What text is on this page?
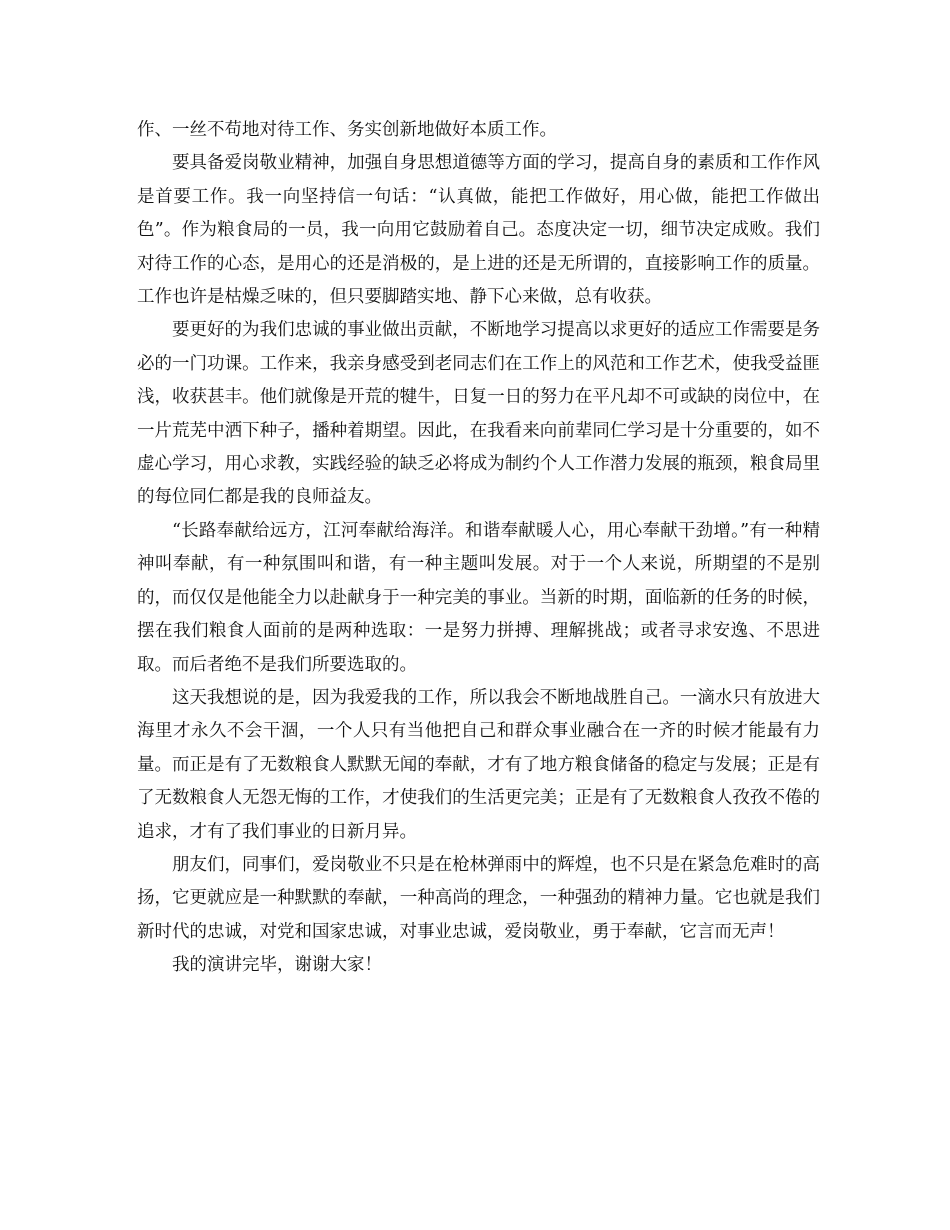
作、一丝不苟地对待工作、务实创新地做好本质工作。

要具备爱岗敬业精神，加强自身思想道德等方面的学习，提高自身的素质和工作作风是首要工作。我一向坚持信一句话：“认真做，能把工作做好，用心做，能把工作做出色”。作为粮食局的一员，我一向用它鼓励着自己。态度决定一切，细节决定成败。我们对待工作的心态，是用心的还是消极的，是上进的还是无所谓的，直接影响工作的质量。工作也许是枯燥乏味的，但只要脚踏实地、静下心来做，总有收获。

要更好的为我们忠诚的事业做出贡献，不断地学习提高以求更好的适应工作需要是务必的一门功课。工作来，我亲身感受到老同志们在工作上的风范和工作艺术，使我受益匪浅，收获甚丰。他们就像是开荒的犍牛，日复一日的努力在平凡却不可或缺的岗位中，在一片荒芜中洒下种子，播种着期望。因此，在我看来向前辈同仁学习是十分重要的，如不虚心学习，用心求教，实践经验的缺乏必将成为制约个人工作潜力发展的瓶颈，粮食局里的每位同仁都是我的良师益友。

“长路奉献给远方，江河奉献给海洋。和谐奉献暖人心，用心奉献干劲增。”有一种精神叫奉献，有一种氛围叫和谐，有一种主题叫发展。对于一个人来说，所期望的不是别的，而仅仅是他能全力以赴献身于一种完美的事业。当新的时期，面临新的任务的时候，摆在我们粮食人面前的是两种选取：一是努力拼搏、理解挑战；或者寻求安逸、不思进取。而后者绝不是我们所要选取的。

这天我想说的是，因为我爱我的工作，所以我会不断地战胜自己。一滴水只有放进大海里才永久不会干涸，一个人只有当他把自己和群众事业融合在一齐的时候才能最有力量。而正是有了无数粮食人默默无闻的奉献，才有了地方粮食储备的稳定与发展；正是有了无数粮食人无怨无悔的工作，才使我们的生活更完美；正是有了无数粮食人孜孜不倦的追求，才有了我们事业的日新月异。

朋友们，同事们，爱岗敬业不只是在枪林弹雨中的辉煌，也不只是在紧急危难时的高扬，它更就应是一种默默的奉献，一种高尚的理念，一种强劲的精神力量。它也就是我们新时代的忠诚，对党和国家忠诚，对事业忠诚，爱岗敬业，勇于奉献，它言而无声！

我的演讲完毕，谢谢大家！
